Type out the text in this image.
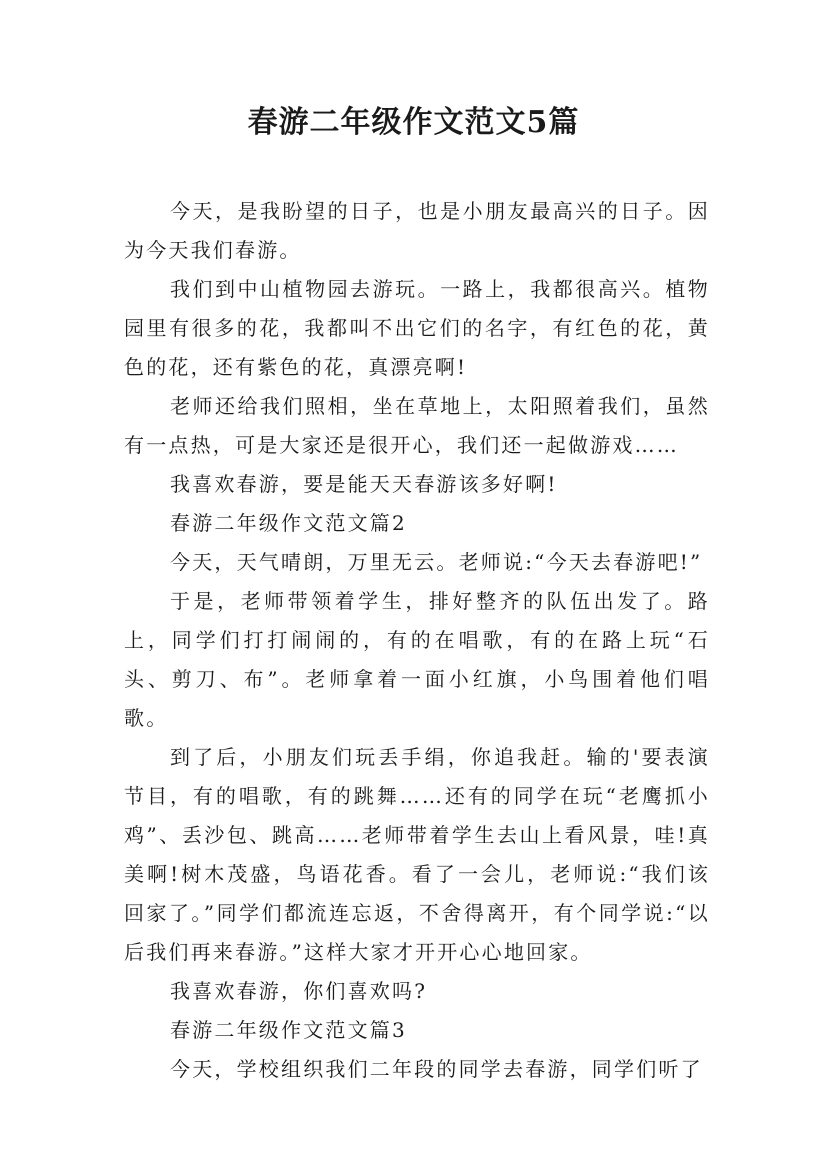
春游二年级作文范文5篇

今天，是我盼望的日子，也是小朋友最高兴的日子。因为今天我们春游。

我们到中山植物园去游玩。一路上，我都很高兴。植物园里有很多的花，我都叫不出它们的名字，有红色的花，黄色的花，还有紫色的花，真漂亮啊!

老师还给我们照相，坐在草地上，太阳照着我们，虽然有一点热，可是大家还是很开心，我们还一起做游戏……

我喜欢春游，要是能天天春游该多好啊!

春游二年级作文范文篇2

今天，天气晴朗，万里无云。老师说:“今天去春游吧!”

于是，老师带领着学生，排好整齐的队伍出发了。路上，同学们打打闹闹的，有的在唱歌，有的在路上玩“石头、剪刀、布”。老师拿着一面小红旗，小鸟围着他们唱歌。

到了后，小朋友们玩丢手绢，你追我赶。输的'要表演节目，有的唱歌，有的跳舞……还有的同学在玩“老鹰抓小鸡”、丢沙包、跳高……老师带着学生去山上看风景，哇!真美啊!树木茂盛，鸟语花香。看了一会儿，老师说:“我们该回家了。”同学们都流连忘返，不舍得离开，有个同学说:“以后我们再来春游。”这样大家才开开心心地回家。

我喜欢春游，你们喜欢吗?

春游二年级作文范文篇3

今天，学校组织我们二年段的同学去春游，同学们听了
